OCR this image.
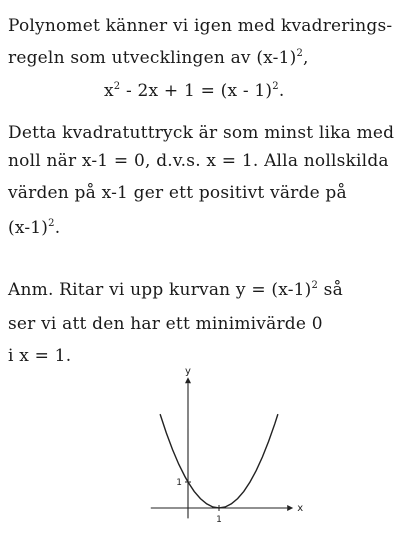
Polynomet känner vi igen med kvadrerings-
regeln som utvecklingen av $(x-1)^2$,
$x^2 - 2x + 1 = (x - 1)^2$.
Detta kvadratuttryck är som minst lika med
noll när x-1 = 0, d.v.s. x = 1. Alla nollskilda
värden på x-1 ger ett positivt värde på
$(x-1)^2$.
Anm. Ritar vi upp kurvan $y = (x-1)^2$ så
ser vi att den har ett minimivärde 0
i x = 1.
x
y
1
1
